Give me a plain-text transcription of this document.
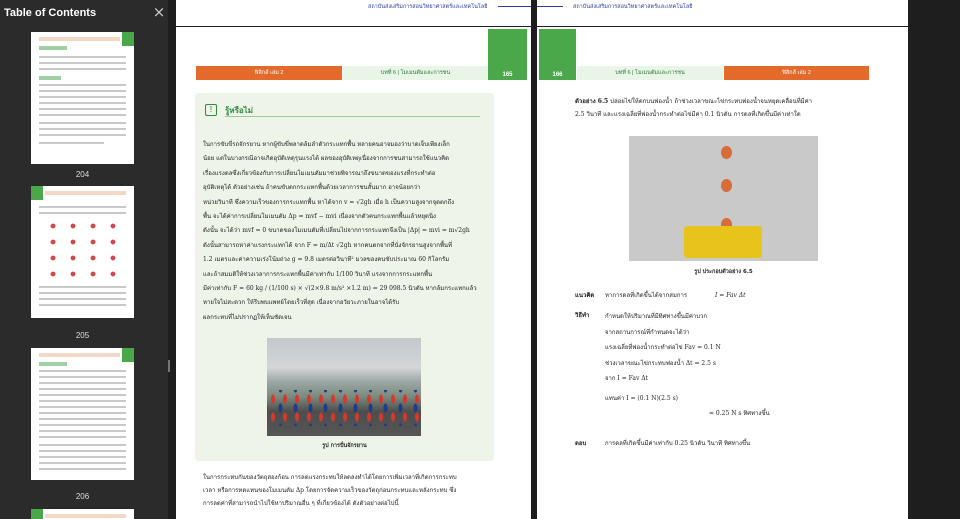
Table of Contents	×
204
205
206
สถาบันส่งเสริมการสอนวิทยาศาสตร์และเทคโนโลยี
165
ฟิสิกส์ เล่ม 2	บทที่ 6 | โมเมนตัมและการชน
!	รู้หรือไม่
ในการขับขี่รถจักรยาน หากผู้ขับขี่พลาดล้มลำตัวกระแทกพื้น หลายคนอาจมองว่าบาดเจ็บเพียงเล็ก
น้อย แต่ในบางกรณีอาจเกิดอุบัติเหตุรุนแรงได้ ผลของอุบัติเหตุเนื่องจากการชนสามารถใช้แนวคิด
เรื่องแรงดลซึ่งเกี่ยวข้องกับการเปลี่ยนโมเมนตัมมาช่วยพิจารณาถึงขนาดของแรงที่กระทำต่อ
อุบัติเหตุได้ ตัวอย่างเช่น ถ้าคนขับตกกระแทกพื้นด้วยเวลาการชนสั้นมาก อาจน้อยกว่า
หน่วยวินาที ซึ่งความเร็วของการกระแทกพื้น หาได้จาก v = √2gh เมื่อ h เป็นความสูงจากจุดตกถึง
พื้น จะได้ค่าการเปลี่ยนโมเมนตัม Δp = mvf − mvi เนื่องจากตัวคนกระแทกพื้นแล้วหยุดนิ่ง
ดังนั้น จะได้ว่า mvf = 0 ขนาดของโมเมนตัมที่เปลี่ยนไปจากการกระแทกจึงเป็น |Δp| = mvi = m√2gh
ดังนั้นสามารถหาค่าแรงกระแทกได้ จาก F = m/Δt √2gh หากคนตกจากที่นั่งจักรยานสูงจากพื้นที่
1.2 เมตรและค่าความเร่งโน้มถ่วง g = 9.8 เมตรต่อวินาที² มวลของคนขับประมาณ 60 กิโลกรัม
และถ้าสมมติให้ช่วงเวลาการกระแทกพื้นมีค่าเท่ากับ 1/100 วินาที แรงจากการกระแทกพื้น
มีค่าเท่ากับ F = 60 kg / (1/100 s) × √(2×9.8 m/s² ×1.2 m) = 29 098.5 นิวตัน หากล้มกระแทกแล้ว
หายใจไม่สะดวก ให้รีบพบแพทย์โดยเร็วที่สุด เนื่องจากอวัยวะภายในอาจได้รับ
ผลกระทบที่ไม่ปรากฏให้เห็นชัดเจน
รูป การปั่นจักรยาน
ในการกระทบกันของวัตถุสองก้อน การลดแรงกระทบให้ลดลงทำได้โดยการเพิ่มเวลาที่เกิดการกระทบ
เวลา หรือการทดแทนของโมเมนตัม Δp โดยการจัดความเร็วของวัตถุก่อนกระทบและหลังกระทบ ซึ่ง
การลดค่าที่สามารถนำไปใช้หาปริมาณอื่น ๆ ที่เกี่ยวข้องได้ ดังตัวอย่างต่อไปนี้
สถาบันส่งเสริมการสอนวิทยาศาสตร์และเทคโนโลยี
166	บทที่ 6 | โมเมนตัมและการชน	ฟิสิกส์ เล่ม 2
ตัวอย่าง 6.5 ปล่อยไข่ให้ตกบนฟองน้ำ ถ้าช่วงเวลาขณะไข่กระทบฟองน้ำจนหยุดเคลื่อนที่มีค่า
2.5 วินาที และแรงเฉลี่ยที่ฟองน้ำกระทำต่อไข่มีค่า 0.1 นิวตัน การดลที่เกิดขึ้นมีค่าเท่าใด
รูป ประกอบตัวอย่าง 6.5
แนวคิด หาการดลที่เกิดขึ้นได้จากสมการ	I = Fav Δt
วิธีทำ	กำหนดให้ปริมาณที่มีทิศทางขึ้นมีค่าบวก
จากสถานการณ์ที่กำหนดจะได้ว่า
แรงเฉลี่ยที่ฟองน้ำกระทำต่อไข่ Fav = 0.1 N
ช่วงเวลาขณะไข่กระทบฟองน้ำ Δt = 2.5 s
จาก I = Fav Δt
แทนค่า I = (0.1 N)(2.5 s)
= 0.25 N s ทิศทางขึ้น
ตอบ	การดลที่เกิดขึ้นมีค่าเท่ากับ 0.25 นิวตัน วินาที ทิศทางขึ้น
